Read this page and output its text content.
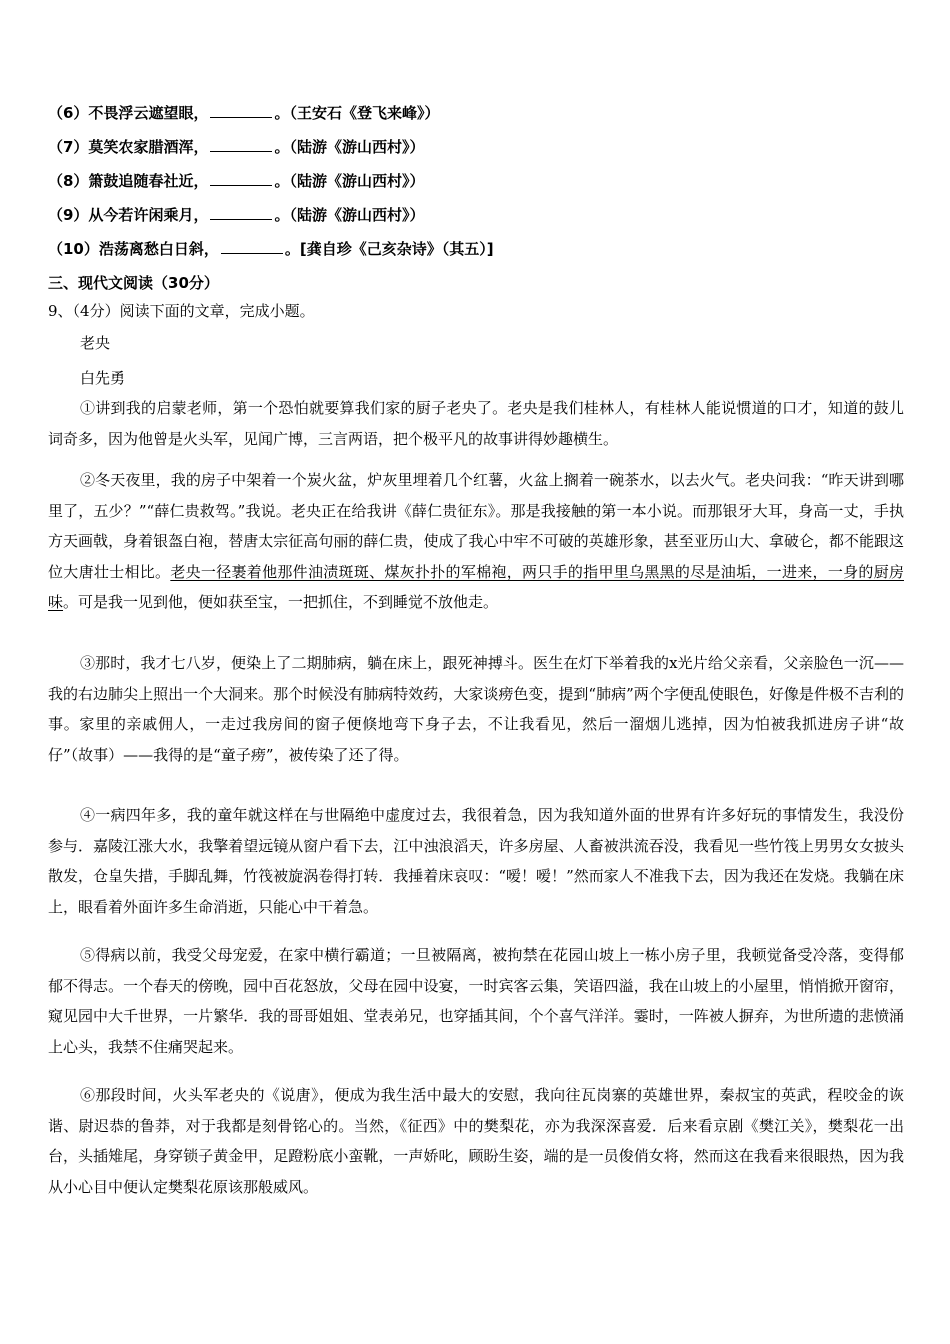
（6）不畏浮云遮望眼，	。（王安石《登飞来峰》）
（7）莫笑农家腊酒浑，	。（陆游《游山西村》）
（8）箫鼓追随春社近，	。（陆游《游山西村》）
（9）从今若许闲乘月，	。（陆游《游山西村》）
（10）浩荡离愁白日斜，	。[龚自珍《己亥杂诗》（其五）]
三、现代文阅读（30分）
9、（4分）阅读下面的文章，完成小题。
老央
白先勇

①讲到我的启蒙老师，第一个恐怕就要算我们家的厨子老央了。老央是我们桂林人，有桂林人能说惯道的口才，知道的鼓儿词奇多，因为他曾是火头军，见闻广博，三言两语，把个极平凡的故事讲得妙趣横生。

②冬天夜里，我的房子中架着一个炭火盆，炉灰里埋着几个红薯，火盆上搁着一碗茶水，以去火气。老央问我：“昨天讲到哪里了，五少？”“薛仁贵救驾。”我说。老央正在给我讲《薛仁贵征东》。那是我接触的第一本小说。而那银牙大耳，身高一丈，手执方天画戟，身着银盔白袍，替唐太宗征高句丽的薛仁贵，使成了我心中牢不可破的英雄形象，甚至亚历山大、拿破仑，都不能跟这位大唐壮士相比。老央一径裹着他那件油渍斑斑、煤灰扑扑的军棉袍，两只手的指甲里乌黑黑的尽是油垢，一进来，一身的厨房味。可是我一见到他，便如获至宝，一把抓住，不到睡觉不放他走。

③那时，我才七八岁，便染上了二期肺病，躺在床上，跟死神搏斗。医生在灯下举着我的x光片给父亲看，父亲脸色一沉——我的右边肺尖上照出一个大洞来。那个时候没有肺病特效药，大家谈痨色变，提到“肺病”两个字便乱使眼色，好像是件极不吉利的事。家里的亲戚佣人，一走过我房间的窗子便倏地弯下身子去，不让我看见，然后一溜烟儿逃掉，因为怕被我抓进房子讲“故仔”（故事）——我得的是“童子痨”，被传染了还了得。

④一病四年多，我的童年就这样在与世隔绝中虚度过去，我很着急，因为我知道外面的世界有许多好玩的事情发生，我没份参与．嘉陵江涨大水，我擎着望远镜从窗户看下去，江中浊浪滔天，许多房屋、人畜被洪流吞没，我看见一些竹筏上男男女女披头散发，仓皇失措，手脚乱舞，竹筏被旋涡卷得打转．我捶着床哀叹：“嗳！嗳！”然而家人不准我下去，因为我还在发烧。我躺在床上，眼看着外面许多生命消逝，只能心中干着急。

⑤得病以前，我受父母宠爱，在家中横行霸道；一旦被隔离，被拘禁在花园山坡上一栋小房子里，我顿觉备受冷落，变得郁郁不得志。一个春天的傍晚，园中百花怒放，父母在园中设宴，一时宾客云集，笑语四溢，我在山坡上的小屋里，悄悄掀开窗帘，窥见园中大千世界，一片繁华．我的哥哥姐姐、堂表弟兄，也穿插其间，个个喜气洋洋。霎时，一阵被人摒弃，为世所遗的悲愤涌上心头，我禁不住痛哭起来。

⑥那段时间，火头军老央的《说唐》，便成为我生活中最大的安慰，我向往瓦岗寨的英雄世界，秦叔宝的英武，程咬金的诙谐、尉迟恭的鲁莽，对于我都是刻骨铭心的。当然，《征西》中的樊梨花，亦为我深深喜爱．后来看京剧《樊江关》，樊梨花一出台，头插雉尾，身穿锁子黄金甲，足蹬粉底小蛮靴，一声娇叱，顾盼生姿，端的是一员俊俏女将，然而这在我看来很眼热，因为我从小心目中便认定樊梨花原该那般威风。
